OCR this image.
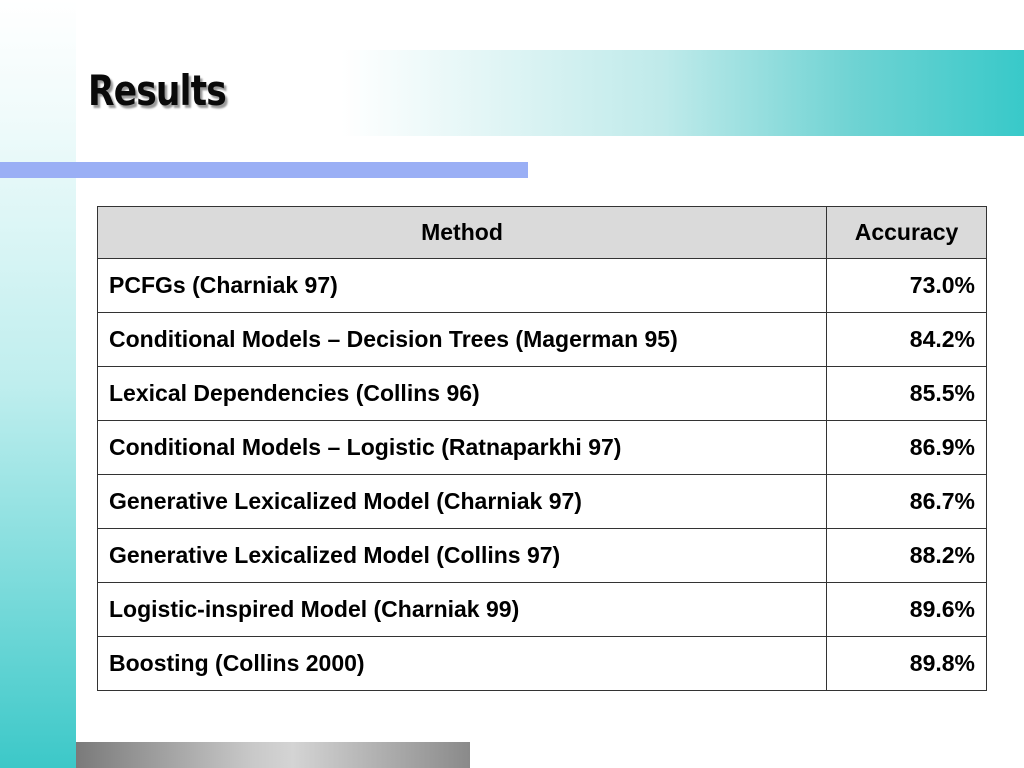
Results
Method	Accuracy
PCFGs (Charniak 97)	73.0%
Conditional Models – Decision Trees (Magerman 95)	84.2%
Lexical Dependencies (Collins 96)	85.5%
Conditional Models – Logistic (Ratnaparkhi 97)	86.9%
Generative Lexicalized Model (Charniak 97)	86.7%
Generative Lexicalized Model (Collins 97)	88.2%
Logistic-inspired Model (Charniak 99)	89.6%
Boosting (Collins 2000)	89.8%
